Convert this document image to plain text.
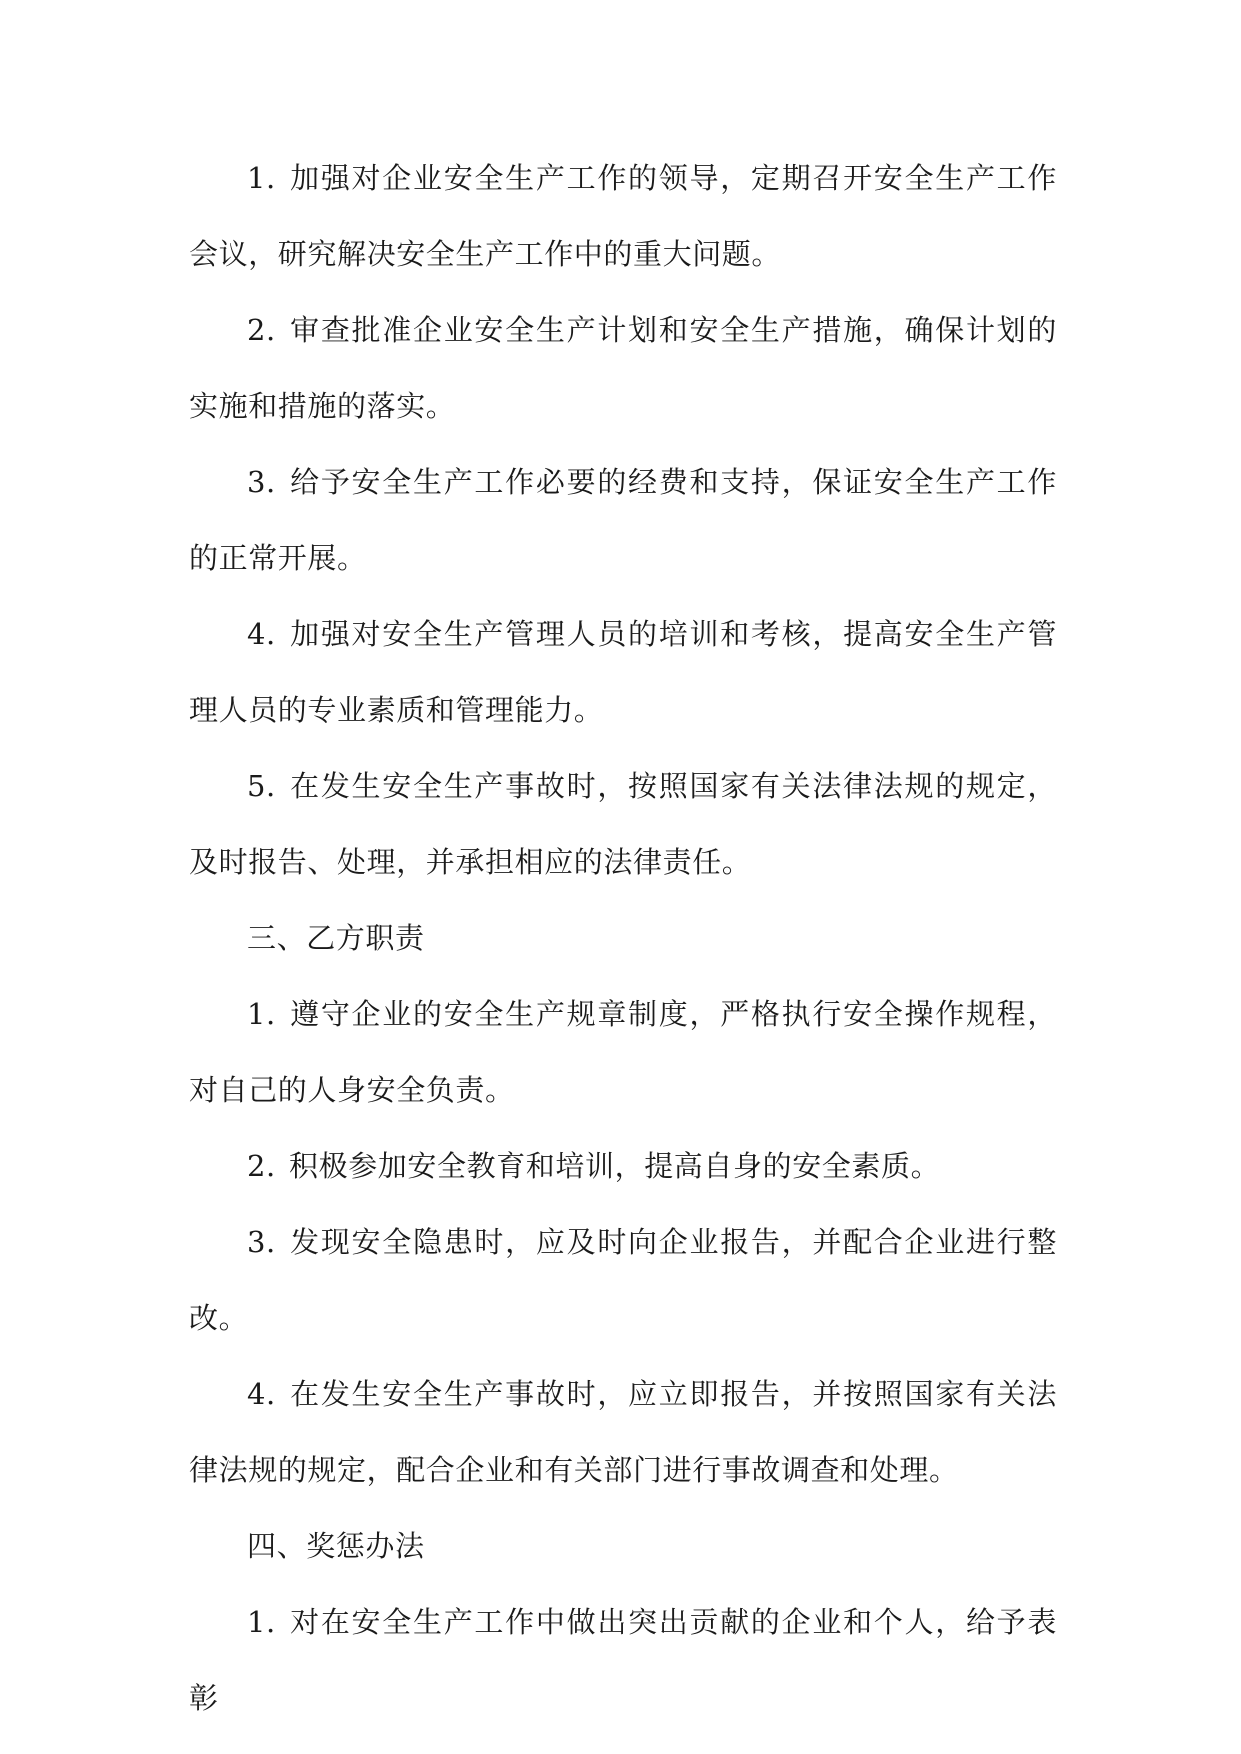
1. 加强对企业安全生产工作的领导，定期召开安全生产工作会议，研究解决安全生产工作中的重大问题。

2. 审查批准企业安全生产计划和安全生产措施，确保计划的实施和措施的落实。

3. 给予安全生产工作必要的经费和支持，保证安全生产工作的正常开展。

4. 加强对安全生产管理人员的培训和考核，提高安全生产管理人员的专业素质和管理能力。

5. 在发生安全生产事故时，按照国家有关法律法规的规定，及时报告、处理，并承担相应的法律责任。

三、乙方职责

1. 遵守企业的安全生产规章制度，严格执行安全操作规程，对自己的人身安全负责。

2. 积极参加安全教育和培训，提高自身的安全素质。

3. 发现安全隐患时，应及时向企业报告，并配合企业进行整改。

4. 在发生安全生产事故时，应立即报告，并按照国家有关法律法规的规定，配合企业和有关部门进行事故调查和处理。

四、奖惩办法

1. 对在安全生产工作中做出突出贡献的企业和个人，给予表彰
